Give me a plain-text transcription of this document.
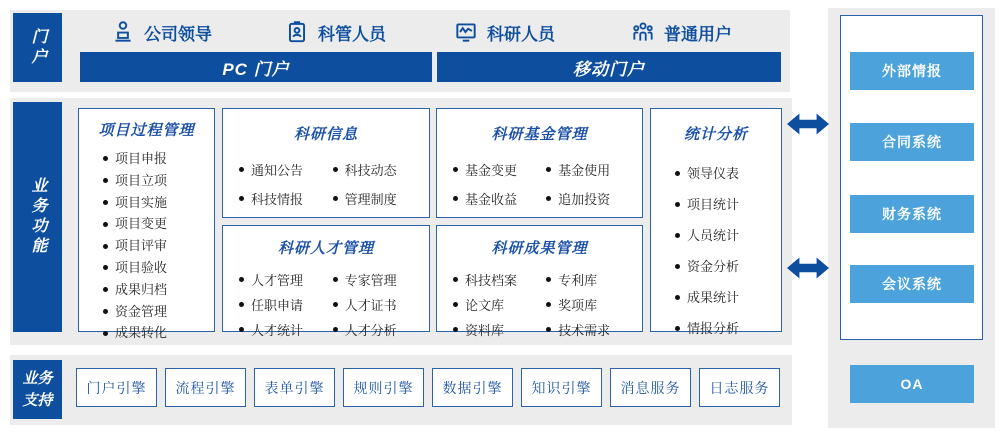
门户	公司领导	科管人员	科研人员	普通用户
PC 门户	移动门户
业务功能
项目过程管理
项目申报
项目立项
项目实施
项目变更
项目评审
项目验收
成果归档
资金管理
成果转化
科研信息
通知公告	科技动态
科技情报	管理制度
科研人才管理
人才管理	专家管理
任职申请	人才证书
人才统计	人才分析
科研基金管理
基金变更	基金使用
基金收益	追加投资
科研成果管理
科技档案	专利库
论文库	奖项库
资料库	技术需求
统计分析
领导仪表
项目统计
人员统计
资金分析
成果统计
情报分析
业务支持
门户引擎 流程引擎 表单引擎 规则引擎 数据引擎 知识引擎 消息服务 日志服务
外部情报
合同系统
财务系统
会议系统
OA
